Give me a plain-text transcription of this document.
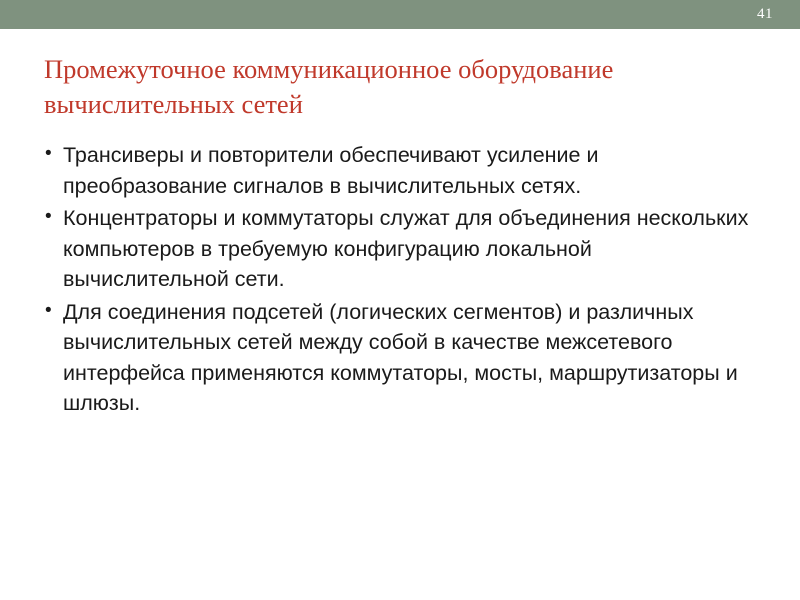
41
Промежуточное коммуникационное оборудование вычислительных сетей
• Трансиверы и повторители обеспечивают усиление и преобразование сигналов в вычислительных сетях.
• Концентраторы и коммутаторы служат для объединения нескольких компьютеров в требуемую конфигурацию локальной вычислительной сети.
• Для соединения подсетей (логических сегментов) и различных вычислительных сетей между собой в качестве межсетевого интерфейса применяются коммутаторы, мосты, маршрутизаторы и шлюзы.
